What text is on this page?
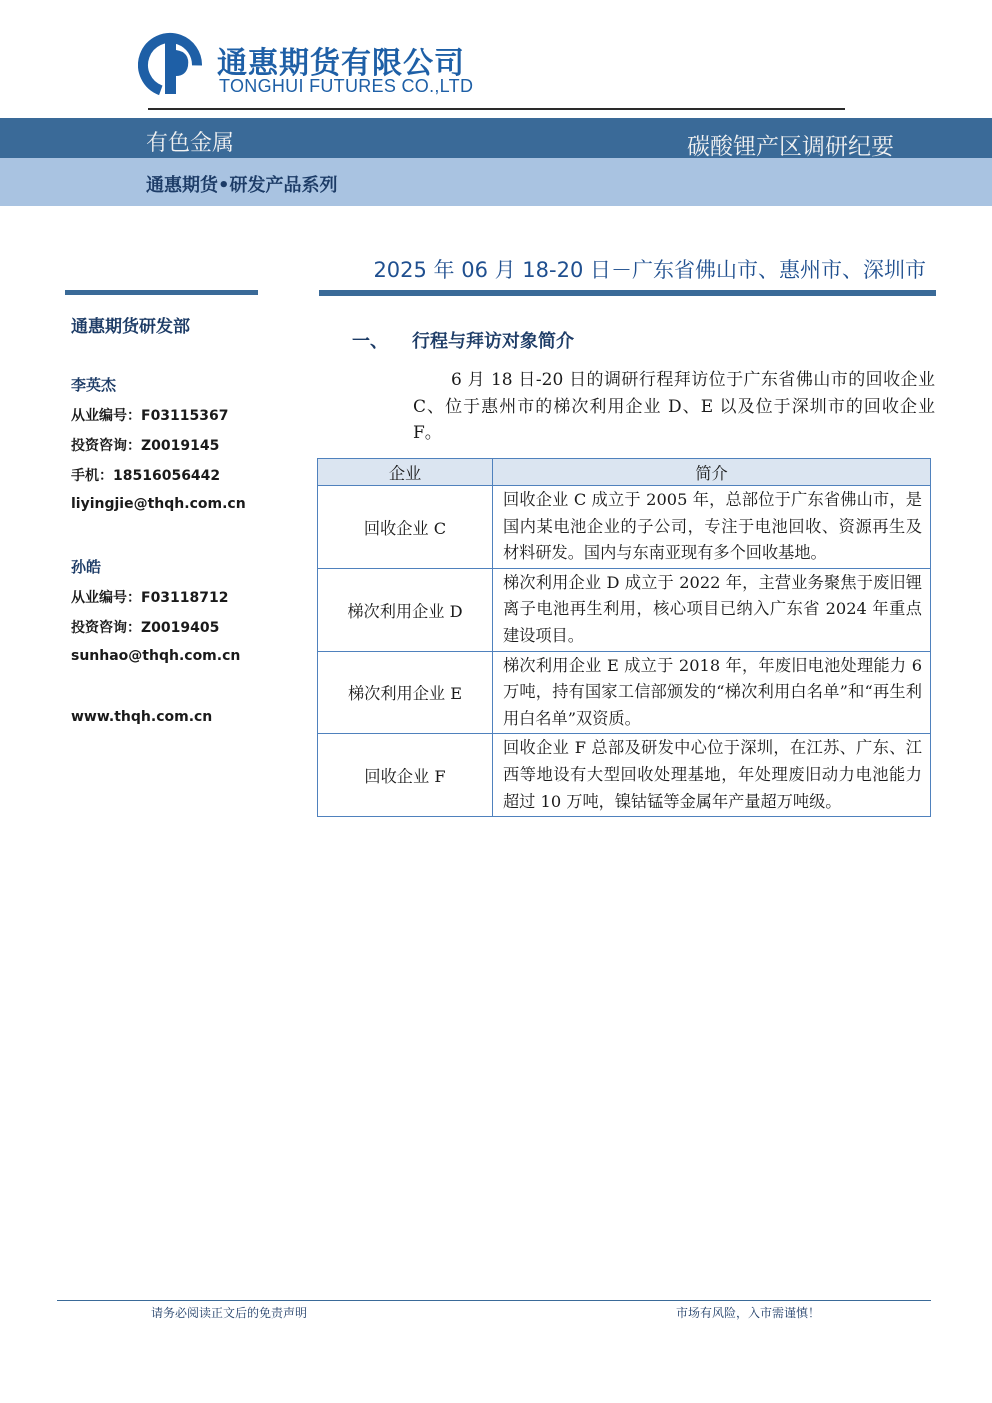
通惠期货有限公司
TONGHUI FUTURES CO.,LTD
有色金属	碳酸锂产区调研纪要
通惠期货•研发产品系列
2025 年 06 月 18-20 日－广东省佛山市、惠州市、深圳市
通惠期货研发部
李英杰
从业编号：F03115367
投资咨询：Z0019145
手机：18516056442
liyingjie@thqh.com.cn
孙皓
从业编号：F03118712
投资咨询：Z0019405
sunhao@thqh.com.cn
www.thqh.com.cn
一、 行程与拜访对象简介
6 月 18 日-20 日的调研行程拜访位于广东省佛山市的回收企业 C、位于惠州市的梯次利用企业 D、E 以及位于深圳市的回收企业 F。
企业	简介
回收企业 C	回收企业 C 成立于 2005 年，总部位于广东省佛山市，是国内某电池企业的子公司，专注于电池回收、资源再生及材料研发。国内与东南亚现有多个回收基地。
梯次利用企业 D	梯次利用企业 D 成立于 2022 年，主营业务聚焦于废旧锂离子电池再生利用，核心项目已纳入广东省 2024 年重点建设项目。
梯次利用企业 E	梯次利用企业 E 成立于 2018 年，年废旧电池处理能力 6 万吨，持有国家工信部颁发的“梯次利用白名单”和“再生利用白名单”双资质。
回收企业 F	回收企业 F 总部及研发中心位于深圳，在江苏、广东、江西等地设有大型回收处理基地，年处理废旧动力电池能力超过 10 万吨，镍钴锰等金属年产量超万吨级。
请务必阅读正文后的免责声明	市场有风险，入市需谨慎！
